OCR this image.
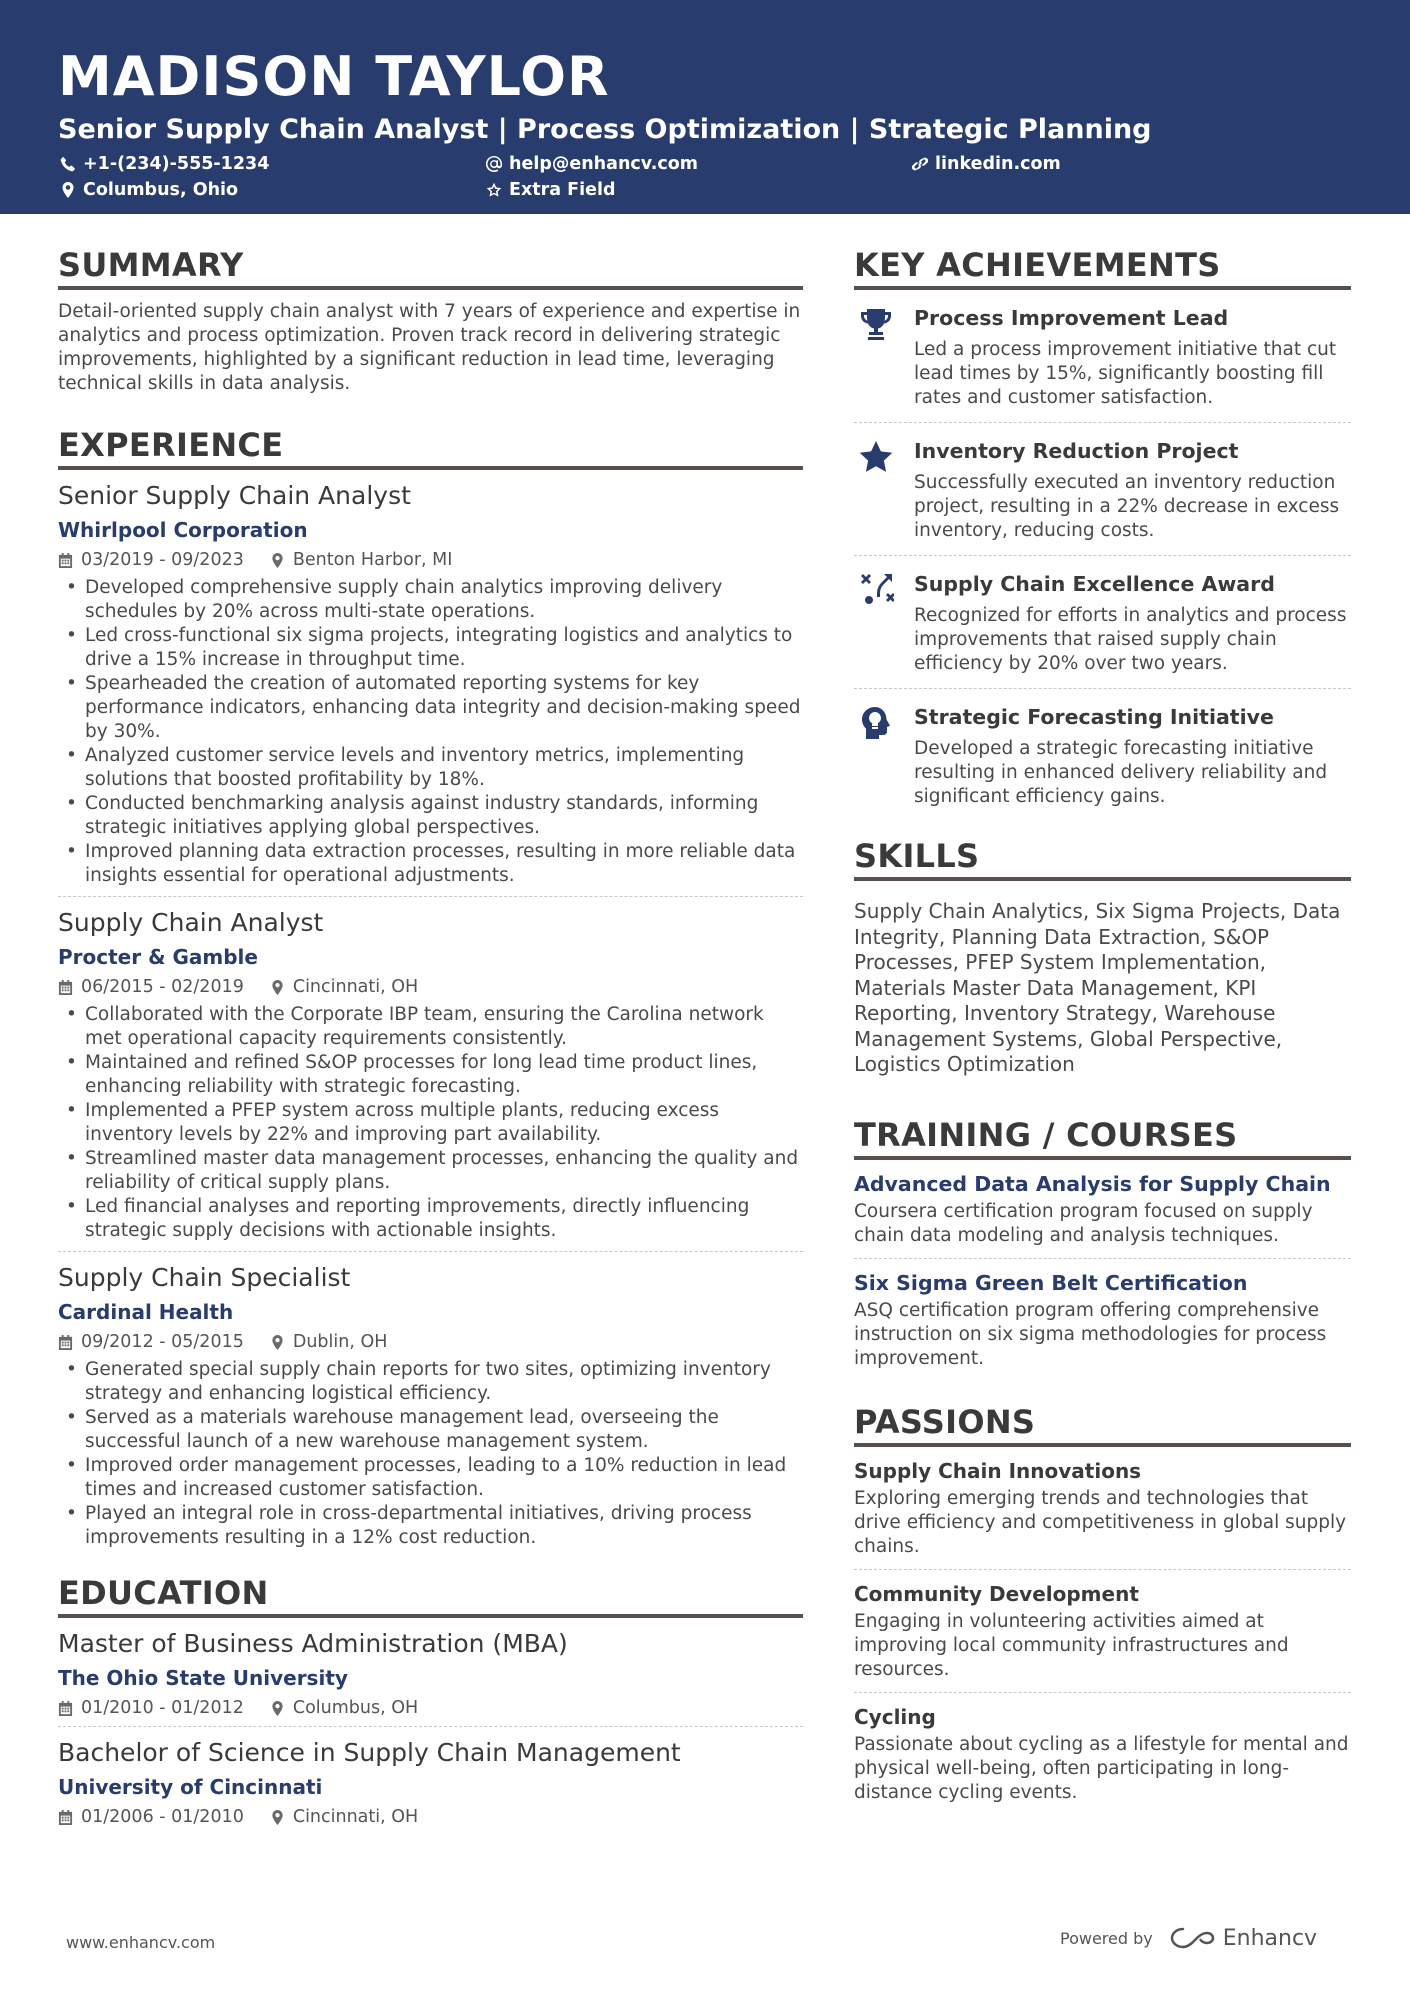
MADISON TAYLOR
Senior Supply Chain Analyst | Process Optimization | Strategic Planning
+1-(234)-555-1234	help@enhancv.com	linkedin.com
Columbus, Ohio	Extra Field
SUMMARY
Detail-oriented supply chain analyst with 7 years of experience and expertise in analytics and process optimization. Proven track record in delivering strategic improvements, highlighted by a significant reduction in lead time, leveraging technical skills in data analysis.
EXPERIENCE
Senior Supply Chain Analyst
Whirlpool Corporation
03/2019 - 09/2023	Benton Harbor, MI
• Developed comprehensive supply chain analytics improving delivery schedules by 20% across multi-state operations.
• Led cross-functional six sigma projects, integrating logistics and analytics to drive a 15% increase in throughput time.
• Spearheaded the creation of automated reporting systems for key performance indicators, enhancing data integrity and decision-making speed by 30%.
• Analyzed customer service levels and inventory metrics, implementing solutions that boosted profitability by 18%.
• Conducted benchmarking analysis against industry standards, informing strategic initiatives applying global perspectives.
• Improved planning data extraction processes, resulting in more reliable data insights essential for operational adjustments.
Supply Chain Analyst
Procter & Gamble
06/2015 - 02/2019	Cincinnati, OH
• Collaborated with the Corporate IBP team, ensuring the Carolina network met operational capacity requirements consistently.
• Maintained and refined S&OP processes for long lead time product lines, enhancing reliability with strategic forecasting.
• Implemented a PFEP system across multiple plants, reducing excess inventory levels by 22% and improving part availability.
• Streamlined master data management processes, enhancing the quality and reliability of critical supply plans.
• Led financial analyses and reporting improvements, directly influencing strategic supply decisions with actionable insights.
Supply Chain Specialist
Cardinal Health
09/2012 - 05/2015	Dublin, OH
• Generated special supply chain reports for two sites, optimizing inventory strategy and enhancing logistical efficiency.
• Served as a materials warehouse management lead, overseeing the successful launch of a new warehouse management system.
• Improved order management processes, leading to a 10% reduction in lead times and increased customer satisfaction.
• Played an integral role in cross-departmental initiatives, driving process improvements resulting in a 12% cost reduction.
EDUCATION
Master of Business Administration (MBA)
The Ohio State University
01/2010 - 01/2012	Columbus, OH
Bachelor of Science in Supply Chain Management
University of Cincinnati
01/2006 - 01/2010	Cincinnati, OH
KEY ACHIEVEMENTS
Process Improvement Lead
Led a process improvement initiative that cut lead times by 15%, significantly boosting fill rates and customer satisfaction.
Inventory Reduction Project
Successfully executed an inventory reduction project, resulting in a 22% decrease in excess inventory, reducing costs.
Supply Chain Excellence Award
Recognized for efforts in analytics and process improvements that raised supply chain efficiency by 20% over two years.
Strategic Forecasting Initiative
Developed a strategic forecasting initiative resulting in enhanced delivery reliability and significant efficiency gains.
SKILLS
Supply Chain Analytics, Six Sigma Projects, Data Integrity, Planning Data Extraction, S&OP Processes, PFEP System Implementation, Materials Master Data Management, KPI Reporting, Inventory Strategy, Warehouse Management Systems, Global Perspective, Logistics Optimization
TRAINING / COURSES
Advanced Data Analysis for Supply Chain
Coursera certification program focused on supply chain data modeling and analysis techniques.
Six Sigma Green Belt Certification
ASQ certification program offering comprehensive instruction on six sigma methodologies for process improvement.
PASSIONS
Supply Chain Innovations
Exploring emerging trends and technologies that drive efficiency and competitiveness in global supply chains.
Community Development
Engaging in volunteering activities aimed at improving local community infrastructures and resources.
Cycling
Passionate about cycling as a lifestyle for mental and physical well-being, often participating in long-distance cycling events.
www.enhancv.com	Powered by	Enhancv
